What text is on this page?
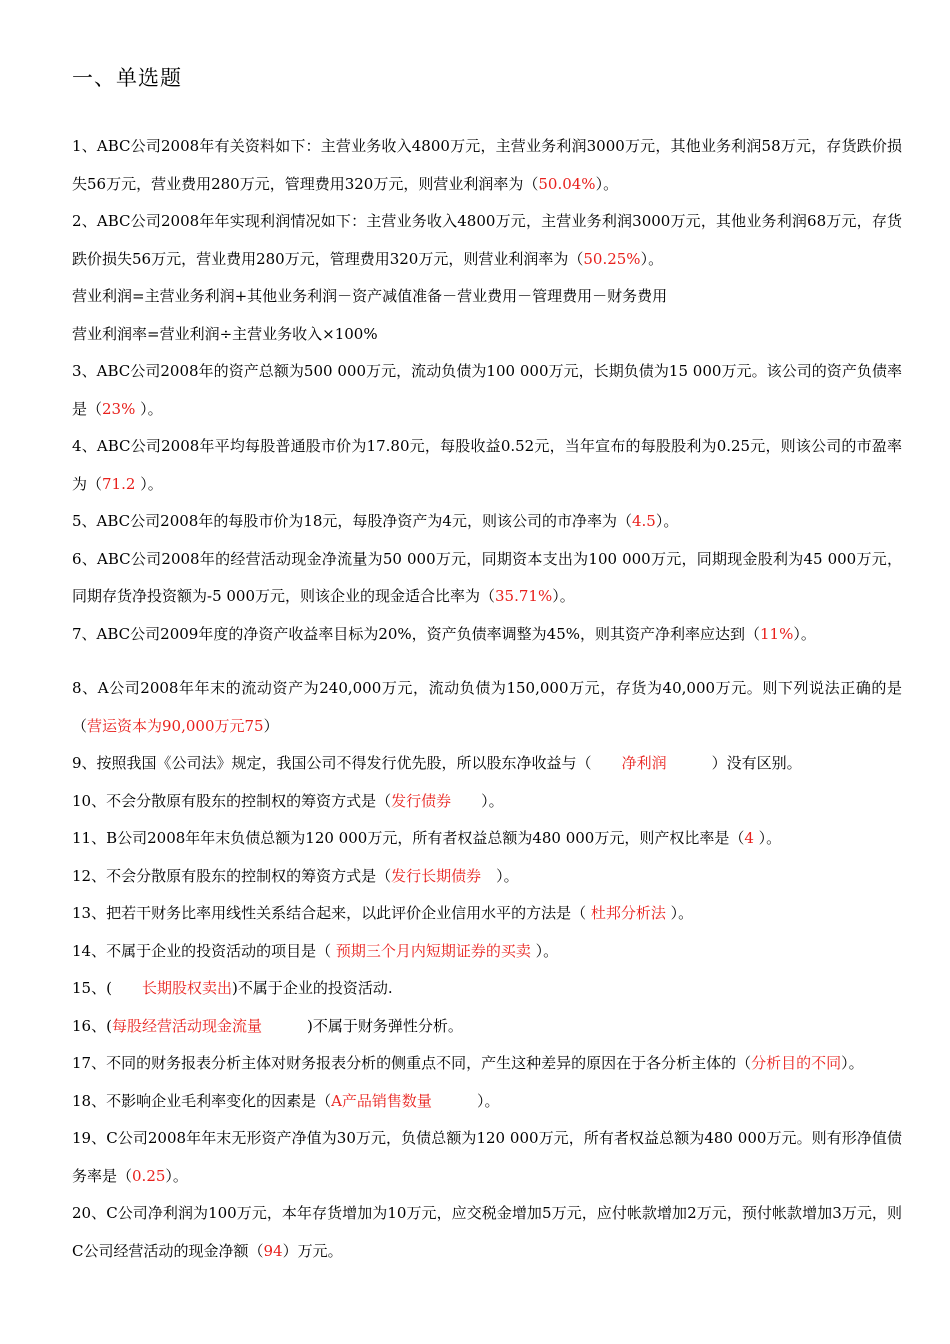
一、单选题

1、ABC公司2008年有关资料如下：主营业务收入4800万元，主营业务利润3000万元，其他业务利润58万元，存货跌价损失56万元，营业费用280万元，管理费用320万元，则营业利润率为（50.04%）。

2、ABC公司2008年年实现利润情况如下：主营业务收入4800万元，主营业务利润3000万元，其他业务利润68万元，存货跌价损失56万元，营业费用280万元，管理费用320万元，则营业利润率为（50.25%）。

营业利润=主营业务利润+其他业务利润－资产减值准备－营业费用－管理费用－财务费用

营业利润率=营业利润÷主营业务收入×100%

3、ABC公司2008年的资产总额为500 000万元，流动负债为100 000万元，长期负债为15 000万元。该公司的资产负债率是（23% ）。

4、ABC公司2008年平均每股普通股市价为17.80元，每股收益0.52元，当年宣布的每股股利为0.25元，则该公司的市盈率为（71.2 ）。

5、ABC公司2008年的每股市价为18元，每股净资产为4元，则该公司的市净率为（4.5）。

6、ABC公司2008年的经营活动现金净流量为50 000万元，同期资本支出为100 000万元，同期现金股利为45 000万元，同期存货净投资额为-5 000万元，则该企业的现金适合比率为（35.71%）。

7、ABC公司2009年度的净资产收益率目标为20%，资产负债率调整为45%，则其资产净利率应达到（11%）。

8、A公司2008年年末的流动资产为240,000万元，流动负债为150,000万元，存货为40,000万元。则下列说法正确的是（营运资本为90,000万元75）

9、按照我国《公司法》规定，我国公司不得发行优先股，所以股东净收益与（　　净利润　　　）没有区别。

10、不会分散原有股东的控制权的筹资方式是（发行债券　　）。

11、B公司2008年年末负债总额为120 000万元，所有者权益总额为480 000万元，则产权比率是（4 ）。

12、不会分散原有股东的控制权的筹资方式是（发行长期债券　）。

13、把若干财务比率用线性关系结合起来，以此评价企业信用水平的方法是（ 杜邦分析法 ）。

14、不属于企业的投资活动的项目是（ 预期三个月内短期证券的买卖 ）。

15、(　　长期股权卖出)不属于企业的投资活动.

16、(每股经营活动现金流量　　　)不属于财务弹性分析。

17、不同的财务报表分析主体对财务报表分析的侧重点不同，产生这种差异的原因在于各分析主体的（分析目的不同）。

18、不影响企业毛利率变化的因素是（A产品销售数量　　　）。

19、C公司2008年年末无形资产净值为30万元，负债总额为120 000万元，所有者权益总额为480 000万元。则有形净值债务率是（0.25）。

20、C公司净利润为100万元，本年存货增加为10万元，应交税金增加5万元，应付帐款增加2万元，预付帐款增加3万元，则C公司经营活动的现金净额（94）万元。
